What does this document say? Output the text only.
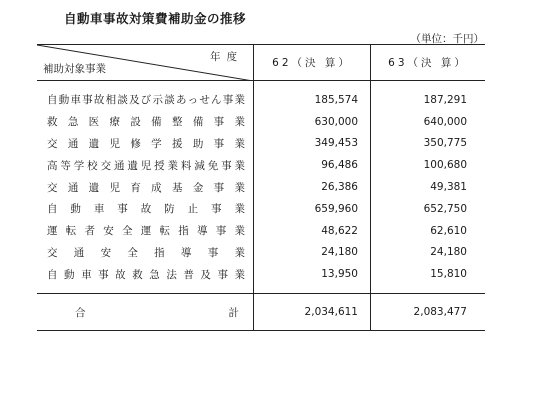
自動車事故対策費補助金の推移
（単位：千円）
年度
補助対象事業	62（決 算）	63（決 算）

自動車事故相談及び示談あっせん事業	185,574	187,291
救急医療設備整備事業	630,000	640,000
交通遺児修学援助事業	349,453	350,775
高等学校交通遺児授業料減免事業	96,486	100,680
交通遺児育成基金事業	26,386	49,381
自動車事故防止事業	659,960	652,750
運転者安全運転指導事業	48,622	62,610
交通安全指導事業	24,180	24,180
自動車事故救急法普及事業	13,950	15,810

合 計	2,034,611	2,083,477
